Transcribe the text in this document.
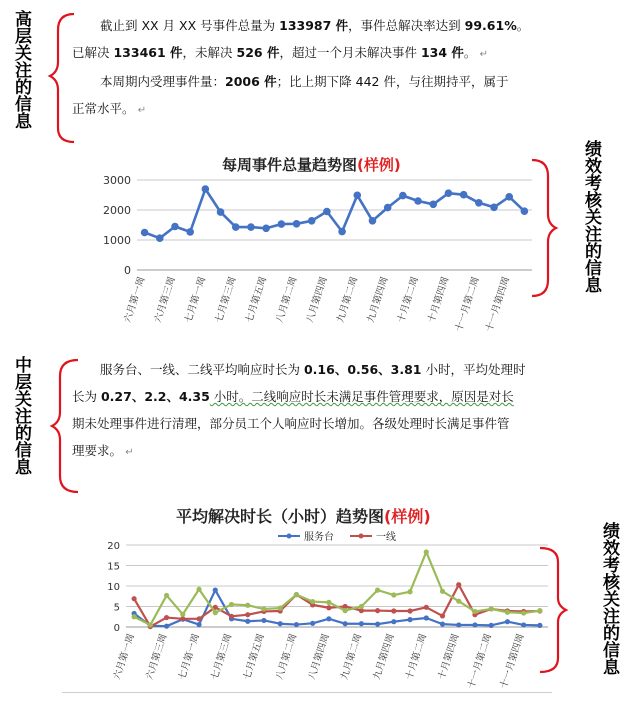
高层关注的信息
中层关注的信息
绩效考核关注的信息
绩效考核关注的信息
截止到 XX 月 XX 号事件总量为 133987 件，事件总解决率达到 99.61%。
已解决 133461 件，未解决 526 件，超过一个月未解决事件 134 件。 ↵
本周期内受理事件量：2006 件；比上期下降 442 件，与往期持平，属于
正常水平。 ↵
每周事件总量趋势图(样例)
0
1000
2000
3000
六月第一周 六月第三周 七月第一周 七月第三周 七月第五周 八月第二周 八月第四周 九月第二周 九月第四周 十月第二周 十月第四周 十一月第二周 十一月第四周
服务台、一线、二线平均响应时长为 0.16、0.56、3.81 小时，平均处理时
长为 0.27、2.2、4.35 小时。二线响应时长未满足事件管理要求，原因是对长
期未处理事件进行清理，部分员工个人响应时长增加。各级处理时长满足事件管
理要求。 ↵
平均解决时长（小时）趋势图(样例)
0
5
10
15
20
六月第一周 六月第三周 七月第一周 七月第三周 七月第五周 八月第二周 八月第四周 九月第二周 九月第四周 十月第二周 十月第四周 十一月第二周 十一月第四周
服务台	一线
